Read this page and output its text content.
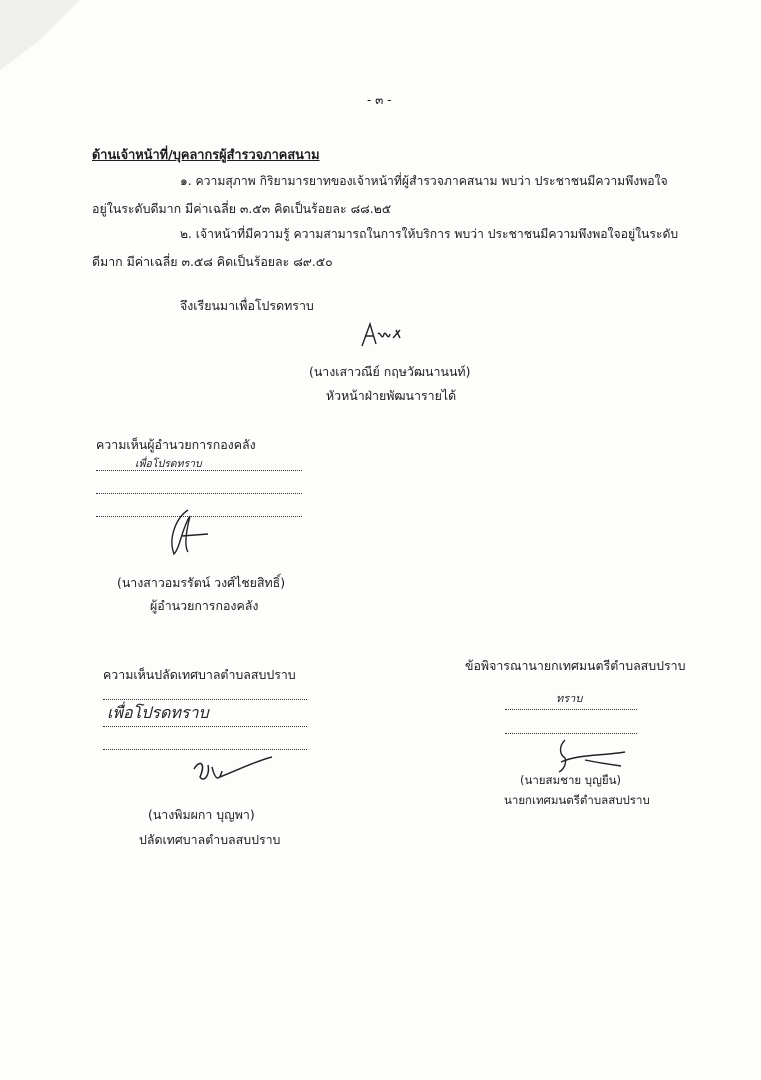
- ๓ -
ด้านเจ้าหน้าที่/บุคลากรผู้สำรวจภาคสนาม
๑. ความสุภาพ กิริยามารยาทของเจ้าหน้าที่ผู้สำรวจภาคสนาม พบว่า ประชาชนมีความพึงพอใจ
อยู่ในระดับดีมาก มีค่าเฉลี่ย ๓.๕๓ คิดเป็นร้อยละ ๘๘.๒๕
๒. เจ้าหน้าที่มีความรู้ ความสามารถในการให้บริการ พบว่า ประชาชนมีความพึงพอใจอยู่ในระดับ
ดีมาก มีค่าเฉลี่ย ๓.๕๘ คิดเป็นร้อยละ ๘๙.๕๐
จึงเรียนมาเพื่อโปรดทราบ
(นางเสาวณีย์ กฤษวัฒนานนท์)
หัวหน้าฝ่ายพัฒนารายได้
ความเห็นผู้อำนวยการกองคลัง
เพื่อโปรดทราบ
(นางสาวอมรรัตน์ วงศ์ไชยสิทธิ์)
ผู้อำนวยการกองคลัง
ความเห็นปลัดเทศบาลตำบลสบปราบ
เพื่อโปรดทราบ
(นางพิมผกา บุญพา)
ปลัดเทศบาลตำบลสบปราบ
ข้อพิจารณานายกเทศมนตรีตำบลสบปราบ
ทราบ
(นายสมชาย บุญยืน)
นายกเทศมนตรีตำบลสบปราบ
